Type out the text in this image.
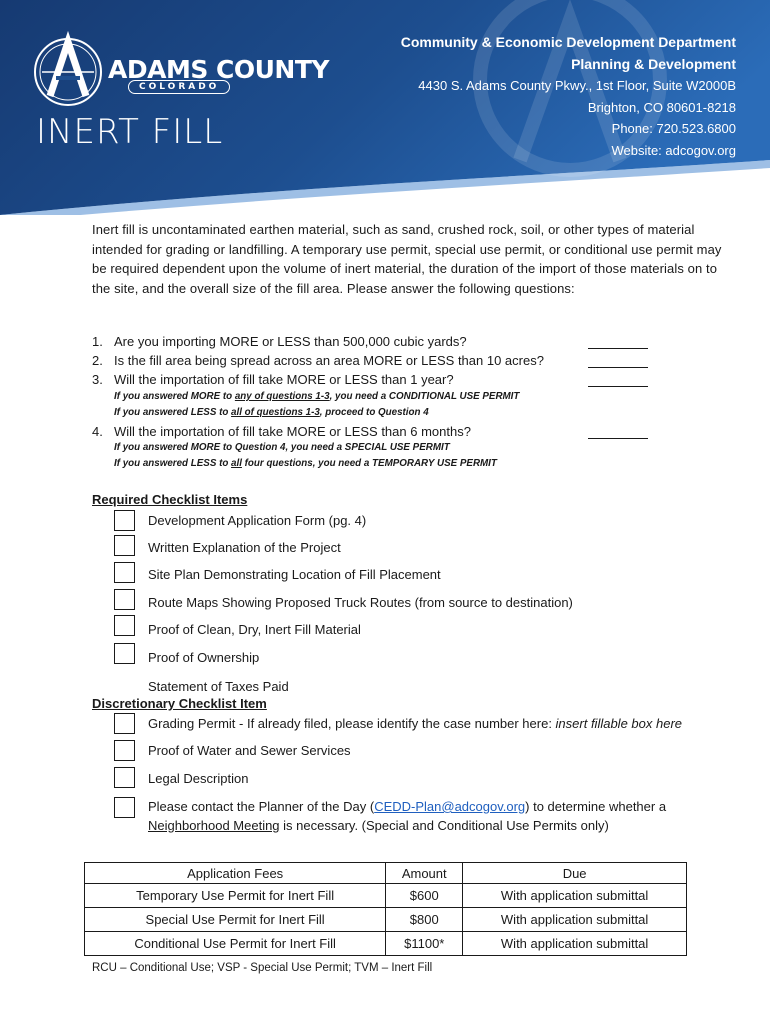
ADAMS COUNTY
COLORADO
INERT FILL
Community & Economic Development Department
Planning & Development
4430 S. Adams County Pkwy., 1st Floor, Suite W2000B
Brighton, CO 80601-8218
Phone: 720.523.6800
Website: adcogov.org
Inert fill is uncontaminated earthen material, such as sand, crushed rock, soil, or other types of material intended for grading or landfilling. A temporary use permit, special use permit, or conditional use permit may be required dependent upon the volume of inert material, the duration of the import of those materials on to the site, and the overall size of the fill area. Please answer the following questions:
1. Are you importing MORE or LESS than 500,000 cubic yards?
2. Is the fill area being spread across an area MORE or LESS than 10 acres?
3. Will the importation of fill take MORE or LESS than 1 year?
If you answered MORE to any of questions 1-3, you need a CONDITIONAL USE PERMIT
If you answered LESS to all of questions 1-3, proceed to Question 4
4. Will the importation of fill take MORE or LESS than 6 months?
If you answered MORE to Question 4, you need a SPECIAL USE PERMIT
If you answered LESS to all four questions, you need a TEMPORARY USE PERMIT
Required Checklist Items
Development Application Form (pg. 4)
Written Explanation of the Project
Site Plan Demonstrating Location of Fill Placement
Route Maps Showing Proposed Truck Routes (from source to destination)
Proof of Clean, Dry, Inert Fill Material
Proof of Ownership
Statement of Taxes Paid
Discretionary Checklist Item
Grading Permit - If already filed, please identify the case number here: insert fillable box here
Proof of Water and Sewer Services
Legal Description
Please contact the Planner of the Day (CEDD-Plan@adcogov.org) to determine whether a
Neighborhood Meeting is necessary. (Special and Conditional Use Permits only)
Application Fees	Amount	Due
Temporary Use Permit for Inert Fill	$600	With application submittal
Special Use Permit for Inert Fill	$800	With application submittal
Conditional Use Permit for Inert Fill	$1100*	With application submittal
RCU – Conditional Use; VSP - Special Use Permit; TVM – Inert Fill
